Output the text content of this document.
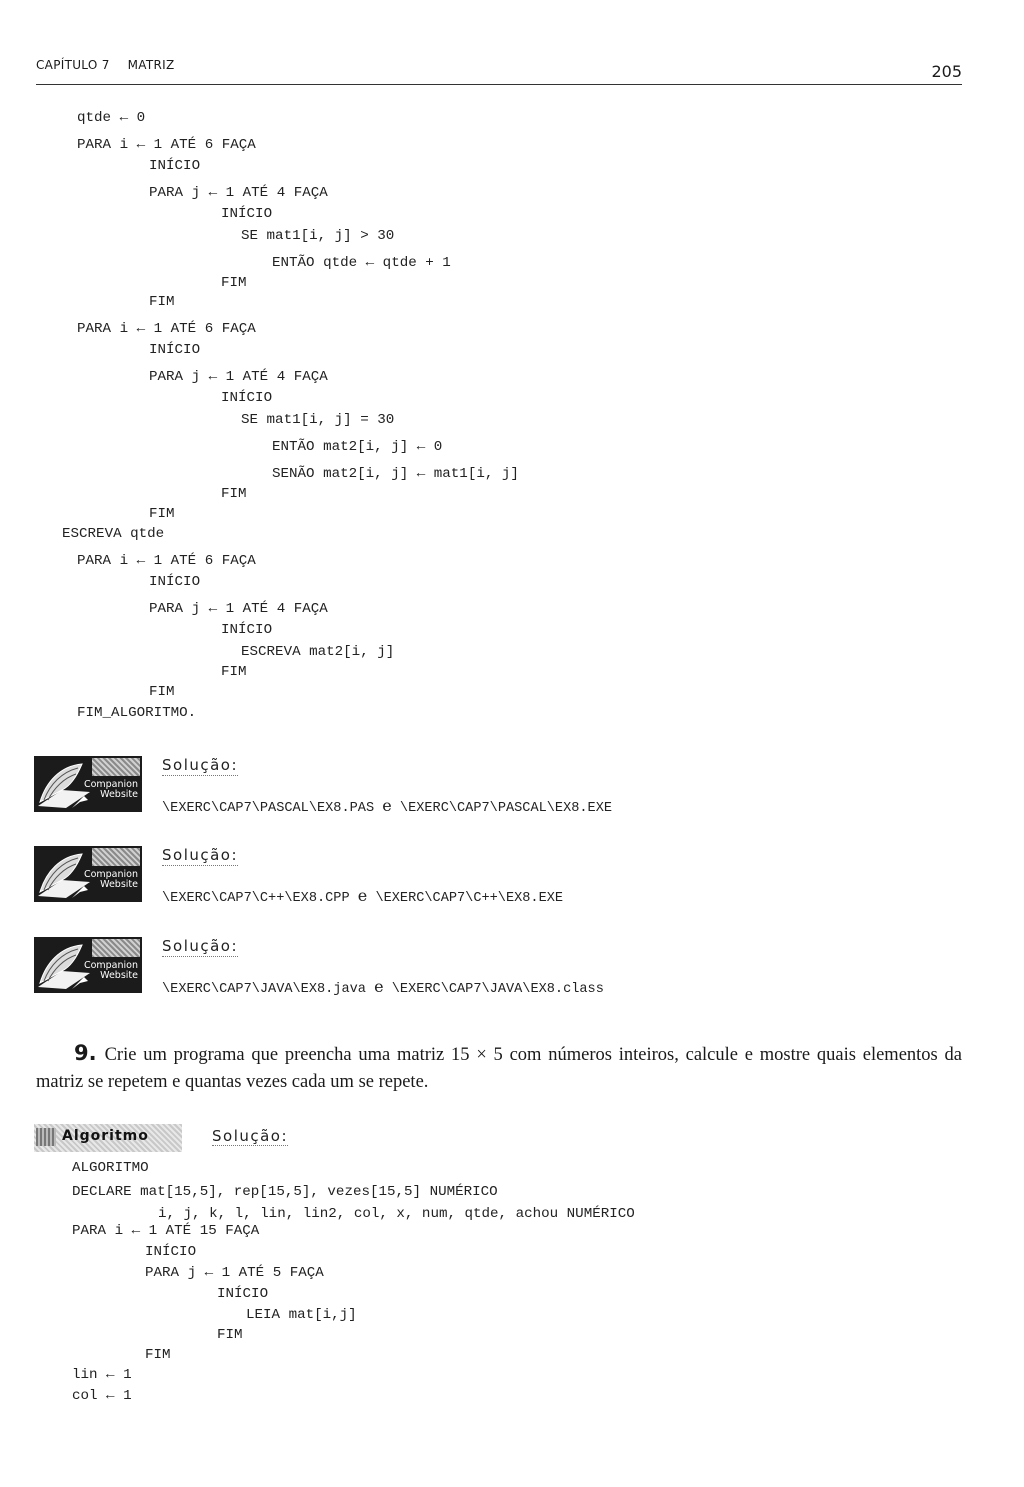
CAPÍTULO 7 MATRIZ	205
qtde ← 0
PARA i ← 1 ATÉ 6 FAÇA
INÍCIO
PARA j ← 1 ATÉ 4 FAÇA
INÍCIO
SE mat1[i, j] > 30
ENTÃO qtde ← qtde + 1
FIM
FIM
PARA i ← 1 ATÉ 6 FAÇA
INÍCIO
PARA j ← 1 ATÉ 4 FAÇA
INÍCIO
SE mat1[i, j] = 30
ENTÃO mat2[i, j] ← 0
SENÃO mat2[i, j] ← mat1[i, j]
FIM
FIM
ESCREVA qtde
PARA i ← 1 ATÉ 6 FAÇA
INÍCIO
PARA j ← 1 ATÉ 4 FAÇA
INÍCIO
ESCREVA mat2[i, j]
FIM
FIM
FIM_ALGORITMO.
Companion
Website
Solução:
\EXERC\CAP7\PASCAL\EX8.PAS e \EXERC\CAP7\PASCAL\EX8.EXE
Companion
Website
Solução:
\EXERC\CAP7\C++\EX8.CPP e \EXERC\CAP7\C++\EX8.EXE
Companion
Website
Solução:
\EXERC\CAP7\JAVA\EX8.java e \EXERC\CAP7\JAVA\EX8.class
9. Crie um programa que preencha uma matriz 15 × 5 com números inteiros, calcule e mostre quais elementos da matriz se repetem e quantas vezes cada um se repete.
Algoritmo	Solução:
ALGORITMO
DECLARE mat[15,5], rep[15,5], vezes[15,5] NUMÉRICO
i, j, k, l, lin, lin2, col, x, num, qtde, achou NUMÉRICO
PARA i ← 1 ATÉ 15 FAÇA
INÍCIO
PARA j ← 1 ATÉ 5 FAÇA
INÍCIO
LEIA mat[i,j]
FIM
FIM
lin ← 1
col ← 1
